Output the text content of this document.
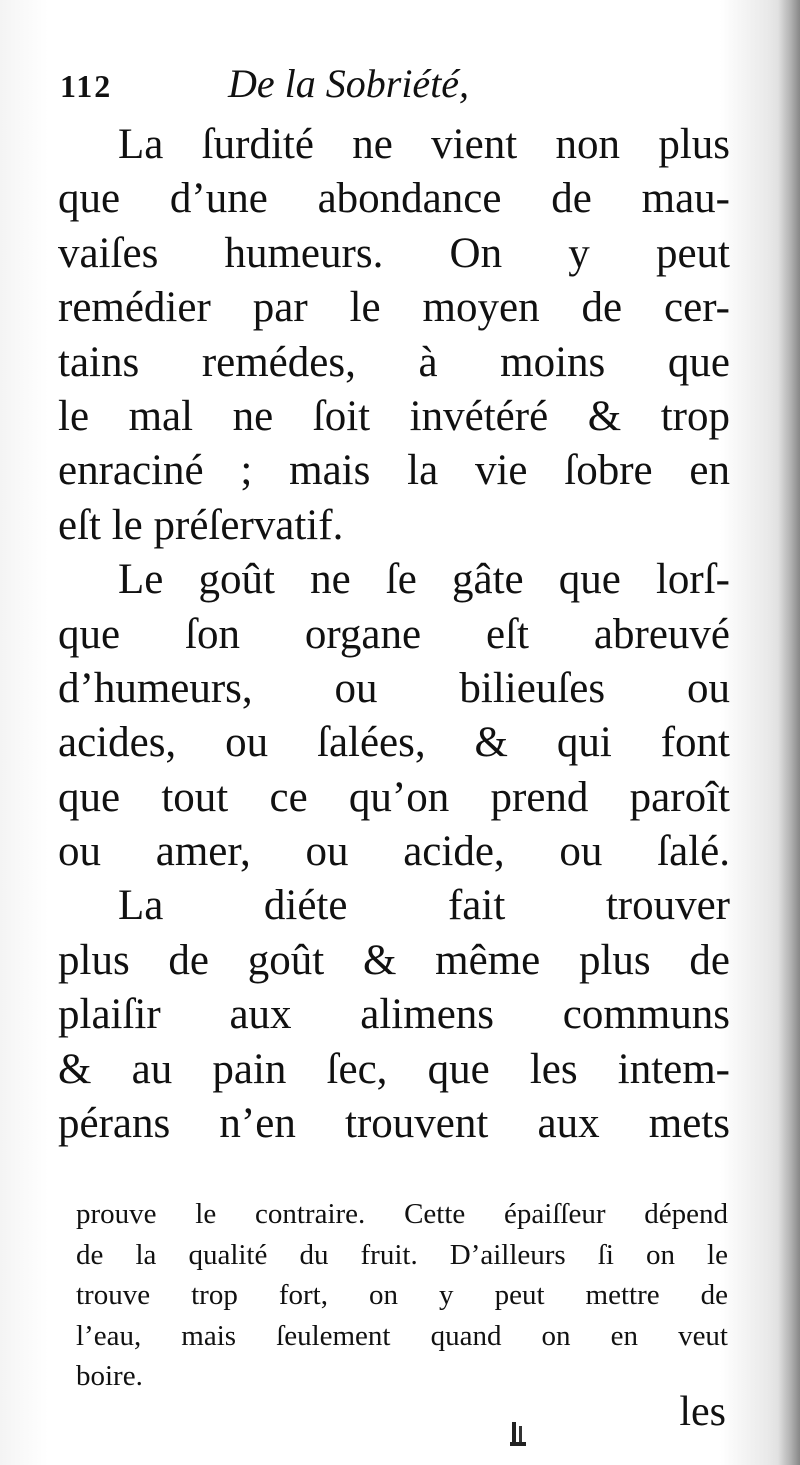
112	De la Sobriété,
La ſurdité ne vient non plus
que d’une abondance de mau-
vaiſes humeurs. On y peut
remédier par le moyen de cer-
tains remédes, à moins que
le mal ne ſoit invétéré & trop
enraciné ; mais la vie ſobre en
eſt le préſervatif.
Le goût ne ſe gâte que lorſ-
que ſon organe eſt abreuvé
d’humeurs, ou bilieuſes ou
acides, ou ſalées, & qui font
que tout ce qu’on prend paroît
ou amer, ou acide, ou ſalé.
La diéte fait trouver
plus de goût & même plus de
plaiſir aux alimens communs
& au pain ſec, que les intem-
pérans n’en trouvent aux mets
prouve le contraire. Cette épaiſſeur dépend
de la qualité du fruit. D’ailleurs ſi on le
trouve trop fort, on y peut mettre de
l’eau, mais ſeulement quand on en veut
boire.
les
